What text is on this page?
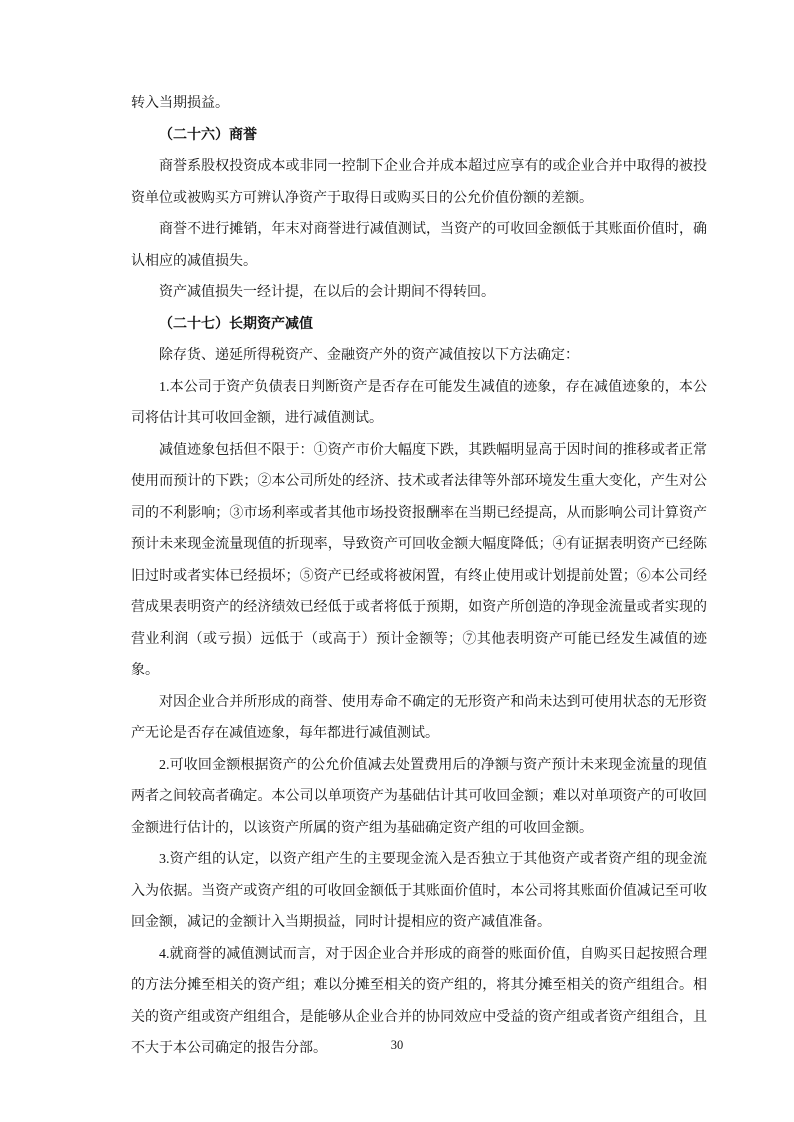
转入当期损益。

（二十六）商誉

商誉系股权投资成本或非同一控制下企业合并成本超过应享有的或企业合并中取得的被投资单位或被购买方可辨认净资产于取得日或购买日的公允价值份额的差额。

商誉不进行摊销，年末对商誉进行减值测试，当资产的可收回金额低于其账面价值时，确认相应的减值损失。

资产减值损失一经计提，在以后的会计期间不得转回。

（二十七）长期资产减值

除存货、递延所得税资产、金融资产外的资产减值按以下方法确定：

1.本公司于资产负债表日判断资产是否存在可能发生减值的迹象，存在减值迹象的，本公司将估计其可收回金额，进行减值测试。

减值迹象包括但不限于：①资产市价大幅度下跌，其跌幅明显高于因时间的推移或者正常使用而预计的下跌；②本公司所处的经济、技术或者法律等外部环境发生重大变化，产生对公司的不利影响；③市场利率或者其他市场投资报酬率在当期已经提高，从而影响公司计算资产预计未来现金流量现值的折现率，导致资产可回收金额大幅度降低；④有证据表明资产已经陈旧过时或者实体已经损坏；⑤资产已经或将被闲置，有终止使用或计划提前处置；⑥本公司经营成果表明资产的经济绩效已经低于或者将低于预期，如资产所创造的净现金流量或者实现的营业利润（或亏损）远低于（或高于）预计金额等；⑦其他表明资产可能已经发生减值的迹象。

对因企业合并所形成的商誉、使用寿命不确定的无形资产和尚未达到可使用状态的无形资产无论是否存在减值迹象，每年都进行减值测试。

2.可收回金额根据资产的公允价值减去处置费用后的净额与资产预计未来现金流量的现值两者之间较高者确定。本公司以单项资产为基础估计其可收回金额；难以对单项资产的可收回金额进行估计的，以该资产所属的资产组为基础确定资产组的可收回金额。

3.资产组的认定，以资产组产生的主要现金流入是否独立于其他资产或者资产组的现金流入为依据。当资产或资产组的可收回金额低于其账面价值时，本公司将其账面价值减记至可收回金额，减记的金额计入当期损益，同时计提相应的资产减值准备。

4.就商誉的减值测试而言，对于因企业合并形成的商誉的账面价值，自购买日起按照合理的方法分摊至相关的资产组；难以分摊至相关的资产组的，将其分摊至相关的资产组组合。相关的资产组或资产组组合，是能够从企业合并的协同效应中受益的资产组或者资产组组合，且不大于本公司确定的报告分部。	30
